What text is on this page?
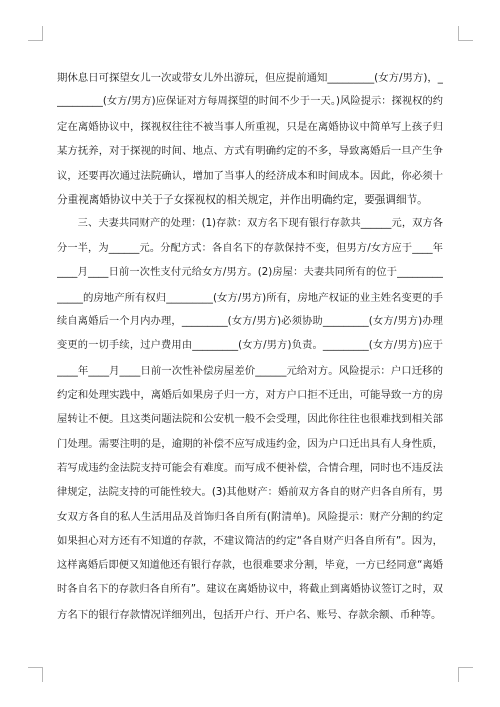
期休息日可探望女儿一次或带女儿外出游玩，但应提前通知_________(女方/男方)，_
_________(女方/男方)应保证对方每周探望的时间不少于一天。)风险提示：探视权的约
定在离婚协议中，探视权往往不被当事人所重视，只是在离婚协议中简单写上孩子归
某方抚养，对于探视的时间、地点、方式有明确约定的不多，导致离婚后一旦产生争
议，还要再次通过法院确认，增加了当事人的经济成本和时间成本。因此，你必须十
分重视离婚协议中关于子女探视权的相关规定，并作出明确约定，要强调细节。
　　三、夫妻共同财产的处理：(1)存款：双方名下现有银行存款共______元，双方各
分一半，为______元。分配方式：各自名下的存款保持不变，但男方/女方应于____年
____月____日前一次性支付元给女方/男方。(2)房屋：夫妻共同所有的位于_________
_____的房地产所有权归_________(女方/男方)所有，房地产权证的业主姓名变更的手
续自离婚后一个月内办理，_________(女方/男方)必须协助_________(女方/男方)办理
变更的一切手续，过户费用由_________(女方/男方)负责。_________(女方/男方)应于
____年____月____日前一次性补偿房屋差价______元给对方。风险提示：户口迁移的
约定和处理实践中，离婚后如果房子归一方，对方户口拒不迁出，可能导致一方的房
屋转让不便。且这类问题法院和公安机一般不会受理，因此你往往也很难找到相关部
门处理。需要注明的是，逾期的补偿不应写成违约金，因为户口迁出具有人身性质，
若写成违约金法院支持可能会有难度。而写成不便补偿，合情合理，同时也不违反法
律规定，法院支持的可能性较大。(3)其他财产：婚前双方各自的财产归各自所有，男
女双方各自的私人生活用品及首饰归各自所有(附清单)。风险提示：财产分割的约定
如果担心对方还有不知道的存款，不建议简洁的约定“各自财产归各自所有”。因为，
这样离婚后即便又知道他还有银行存款，也很难要求分割，毕竟，一方已经同意“离婚
时各自名下的存款归各自所有”。建议在离婚协议中，将截止到离婚协议签订之时，双
方名下的银行存款情况详细列出，包括开户行、开户名、账号、存款余额、币种等。
